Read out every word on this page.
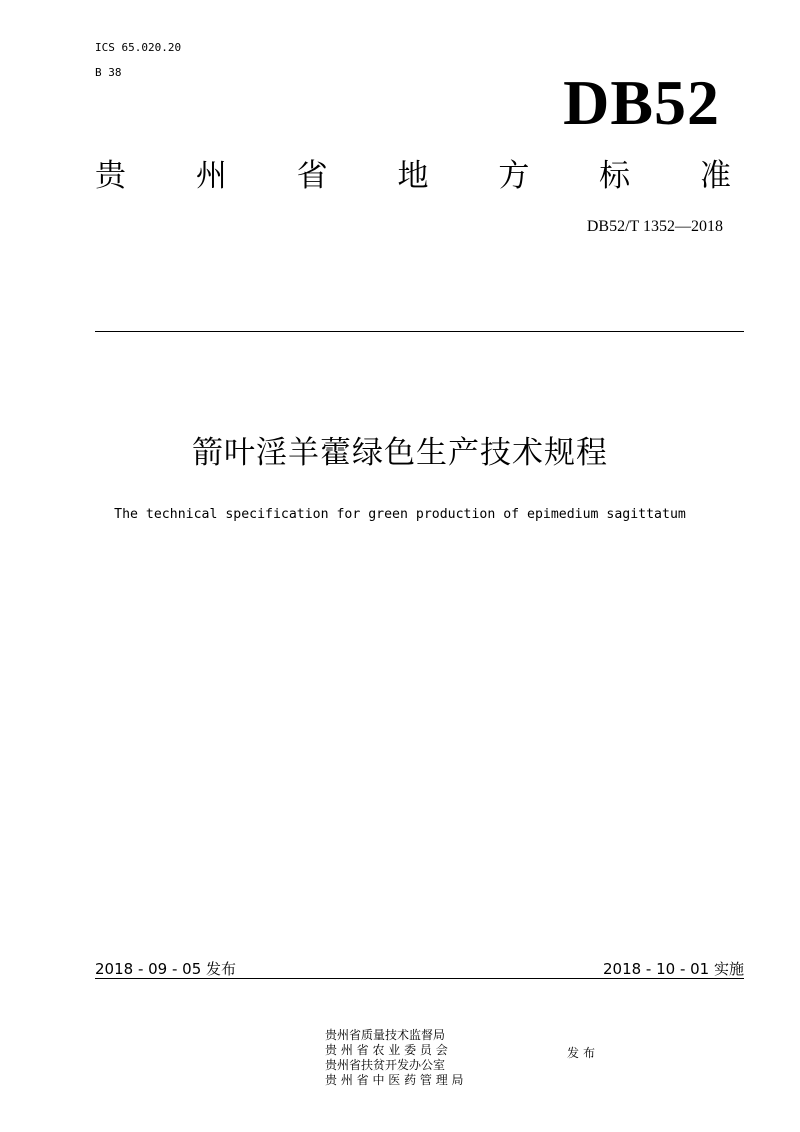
ICS 65.020.20
B 38	DB52
贵 州 省 地 方 标 准
DB52/T 1352—2018
箭叶淫羊藿绿色生产技术规程
The technical specification for green production of epimedium sagittatum
2018 - 09 - 05 发布	2018 - 10 - 01 实施
贵州省质量技术监督局
贵 州 省 农 业 委 员 会
贵州省扶贫开发办公室
贵 州 省 中 医 药 管 理 局
发布
